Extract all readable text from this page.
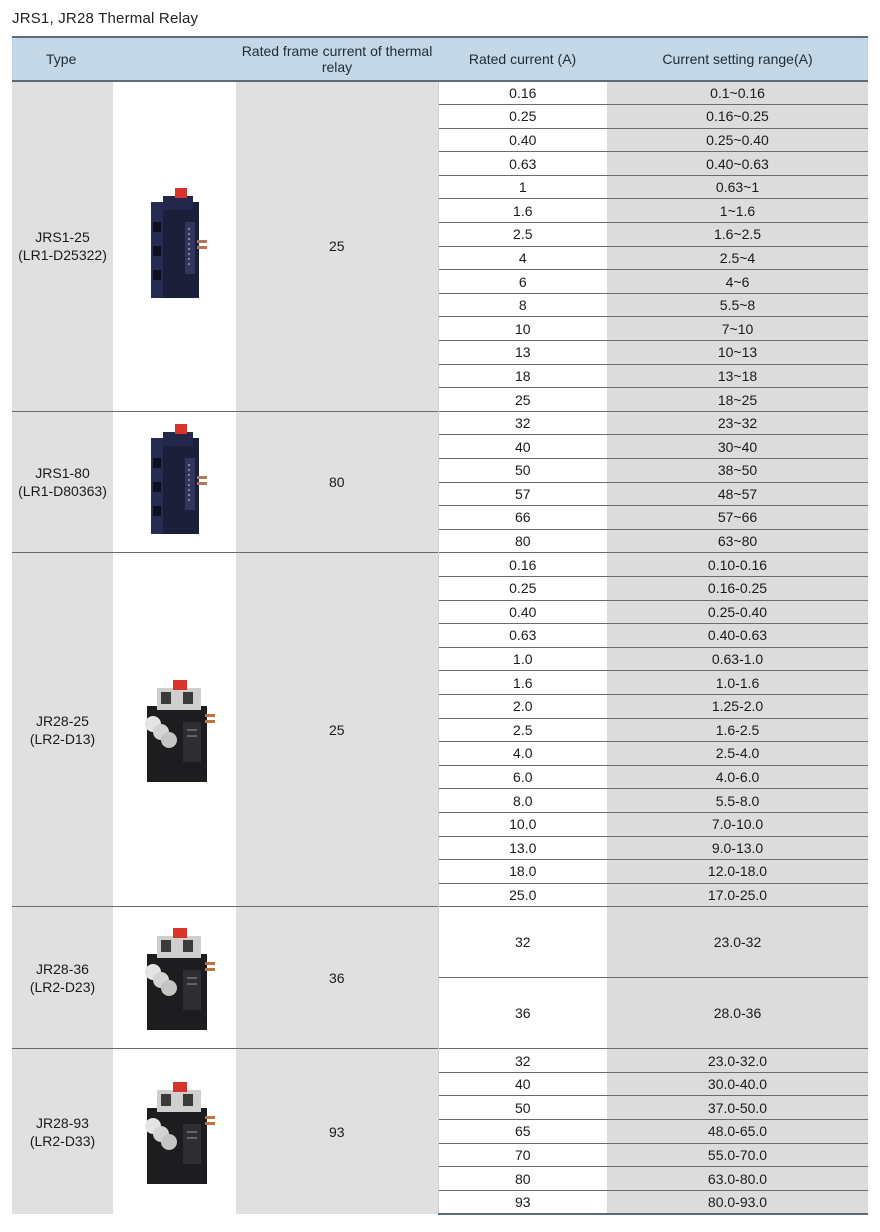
JRS1, JR28 Thermal Relay
Type		Rated frame current of thermal relay	Rated current (A)	Current setting range(A)

JRS1-25
(LR1-D25322)		25	0.16	0.1~0.16
			0.25	0.16~0.25
			0.40	0.25~0.40
			0.63	0.40~0.63
			1	0.63~1
			1.6	1~1.6
			2.5	1.6~2.5
			4	2.5~4
			6	4~6
			8	5.5~8
			10	7~10
			13	10~13
			18	13~18
			25	18~25

JRS1-80
(LR1-D80363)		80	32	23~32
			40	30~40
			50	38~50
			57	48~57
			66	57~66
			80	63~80

JR28-25
(LR2-D13)		25	0.16	0.10-0.16
			0.25	0.16-0.25
			0.40	0.25-0.40
			0.63	0.40-0.63
			1.0	0.63-1.0
			1.6	1.0-1.6
			2.0	1.25-2.0
			2.5	1.6-2.5
			4.0	2.5-4.0
			6.0	4.0-6.0
			8.0	5.5-8.0
			10.0	7.0-10.0
			13.0	9.0-13.0
			18.0	12.0-18.0
			25.0	17.0-25.0

JR28-36
(LR2-D23)		36	32	23.0-32
			36	28.0-36

JR28-93
(LR2-D33)		93	32	23.0-32.0
			40	30.0-40.0
			50	37.0-50.0
			65	48.0-65.0
			70	55.0-70.0
			80	63.0-80.0
			93	80.0-93.0
